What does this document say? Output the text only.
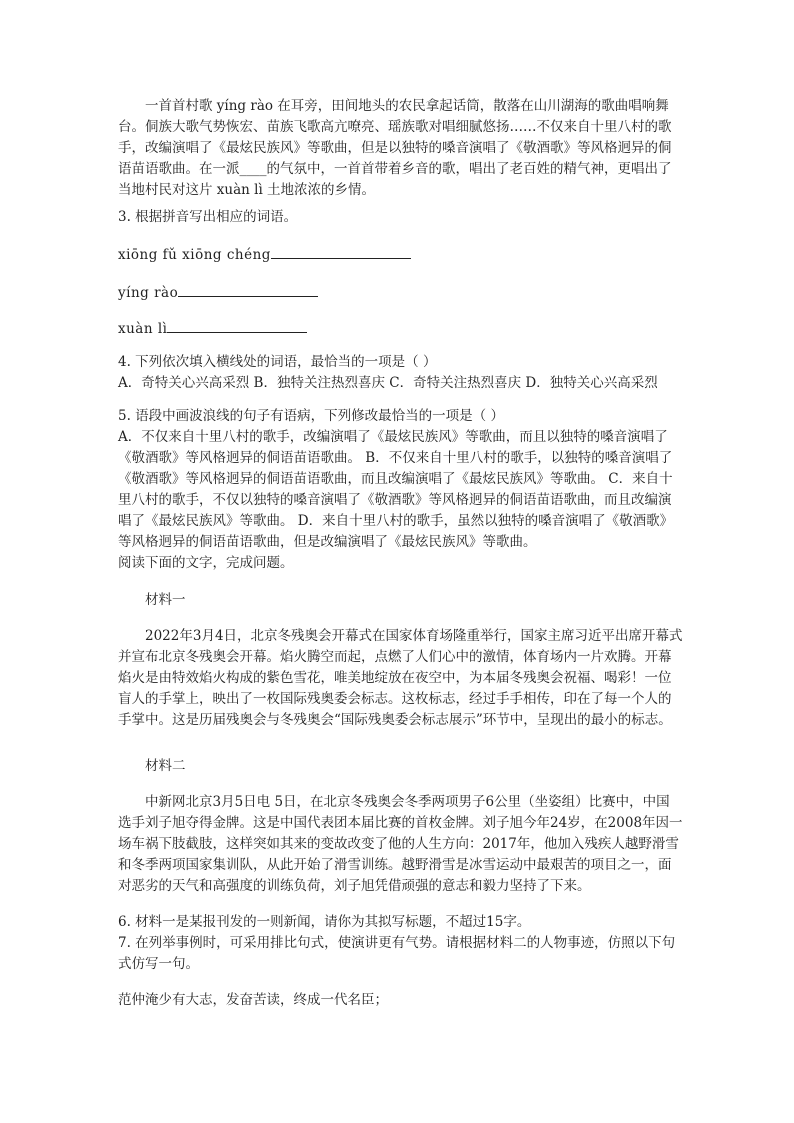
一首首村歌 yíng rào 在耳旁，田间地头的农民拿起话筒，散落在山川湖海的歌曲唱响舞台。侗族大歌气势恢宏、苗族飞歌高亢嘹亮、瑶族歌对唱细腻悠扬……不仅来自十里八村的歌手，改编演唱了《最炫民族风》等歌曲，但是以独特的嗓音演唱了《敬酒歌》等风格迥异的侗语苗语歌曲。在一派____的气氛中，一首首带着乡音的歌，唱出了老百姓的精气神，更唱出了当地村民对这片 xuàn lì 土地浓浓的乡情。

3. 根据拼音写出相应的词语。

xiōng fǔ xiōng chéng
yíng rào
xuàn lì

4. 下列依次填入横线处的词语，最恰当的一项是（ ）

A．奇特关心兴高采烈 B．独特关注热烈喜庆 C．奇特关注热烈喜庆 D．独特关心兴高采烈

5. 语段中画波浪线的句子有语病，下列修改最恰当的一项是（ ）

A．不仅来自十里八村的歌手，改编演唱了《最炫民族风》等歌曲，而且以独特的嗓音演唱了《敬酒歌》等风格迥异的侗语苗语歌曲。 B．不仅来自十里八村的歌手，以独特的嗓音演唱了《敬酒歌》等风格迥异的侗语苗语歌曲，而且改编演唱了《最炫民族风》等歌曲。 C．来自十里八村的歌手，不仅以独特的嗓音演唱了《敬酒歌》等风格迥异的侗语苗语歌曲，而且改编演唱了《最炫民族风》等歌曲。 D．来自十里八村的歌手，虽然以独特的嗓音演唱了《敬酒歌》等风格迥异的侗语苗语歌曲，但是改编演唱了《最炫民族风》等歌曲。

阅读下面的文字，完成问题。

材料一

2022年3月4日，北京冬残奥会开幕式在国家体育场隆重举行，国家主席习近平出席开幕式并宣布北京冬残奥会开幕。焰火腾空而起，点燃了人们心中的激情，体育场内一片欢腾。开幕焰火是由特效焰火构成的紫色雪花，唯美地绽放在夜空中，为本届冬残奥会祝福、喝彩！一位盲人的手掌上，映出了一枚国际残奥委会标志。这枚标志，经过手手相传，印在了每一个人的手掌中。这是历届残奥会与冬残奥会“国际残奥委会标志展示”环节中，呈现出的最小的标志。

材料二

中新网北京3月5日电 5日，在北京冬残奥会冬季两项男子6公里（坐姿组）比赛中，中国选手刘子旭夺得金牌。这是中国代表团本届比赛的首枚金牌。刘子旭今年24岁，在2008年因一场车祸下肢截肢，这样突如其来的变故改变了他的人生方向：2017年，他加入残疾人越野滑雪和冬季两项国家集训队，从此开始了滑雪训练。越野滑雪是冰雪运动中最艰苦的项目之一，面对恶劣的天气和高强度的训练负荷，刘子旭凭借顽强的意志和毅力坚持了下来。

6. 材料一是某报刊发的一则新闻，请你为其拟写标题，不超过15字。

7. 在列举事例时，可采用排比句式，使演讲更有气势。请根据材料二的人物事迹，仿照以下句式仿写一句。

范仲淹少有大志，发奋苦读，终成一代名臣；
